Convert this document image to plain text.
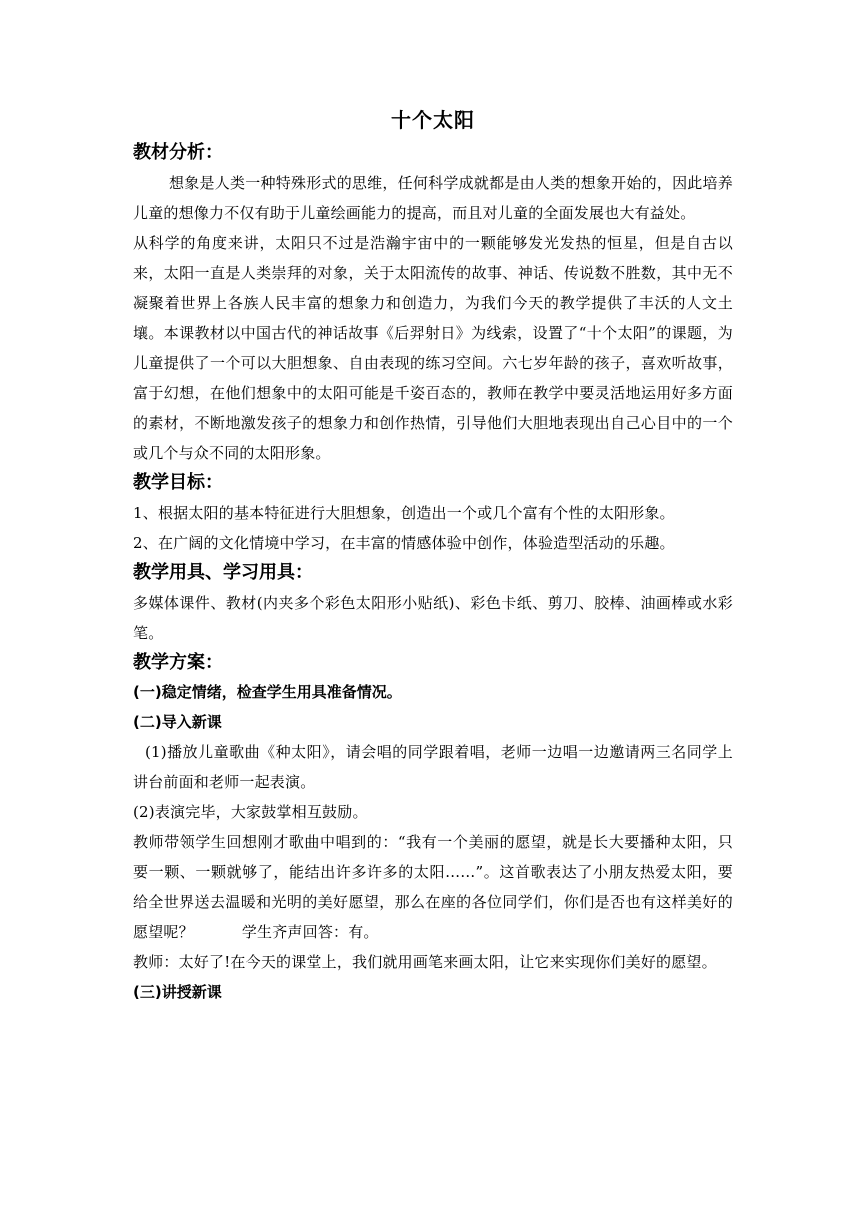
十个太阳
教材分析：

想象是人类一种特殊形式的思维，任何科学成就都是由人类的想象开始的，因此培养儿童的想像力不仅有助于儿童绘画能力的提高，而且对儿童的全面发展也大有益处。

从科学的角度来讲，太阳只不过是浩瀚宇宙中的一颗能够发光发热的恒星，但是自古以来，太阳一直是人类崇拜的对象，关于太阳流传的故事、神话、传说数不胜数，其中无不凝聚着世界上各族人民丰富的想象力和创造力，为我们今天的教学提供了丰沃的人文土壤。本课教材以中国古代的神话故事《后羿射日》为线索，设置了“十个太阳”的课题，为儿童提供了一个可以大胆想象、自由表现的练习空间。六七岁年龄的孩子，喜欢听故事，富于幻想，在他们想象中的太阳可能是千姿百态的，教师在教学中要灵活地运用好多方面的素材，不断地激发孩子的想象力和创作热情，引导他们大胆地表现出自己心目中的一个或几个与众不同的太阳形象。

教学目标：

1、根据太阳的基本特征进行大胆想象，创造出一个或几个富有个性的太阳形象。

2、在广阔的文化情境中学习，在丰富的情感体验中创作，体验造型活动的乐趣。

教学用具、学习用具：

多媒体课件、教材(内夹多个彩色太阳形小贴纸)、彩色卡纸、剪刀、胶棒、油画棒或水彩笔。

教学方案：

(一)稳定情绪，检查学生用具准备情况。

(二)导入新课

(1)播放儿童歌曲《种太阳》，请会唱的同学跟着唱，老师一边唱一边邀请两三名同学上讲台前面和老师一起表演。

(2)表演完毕，大家鼓掌相互鼓励。

教师带领学生回想刚才歌曲中唱到的：“我有一个美丽的愿望，就是长大要播种太阳，只要一颗、一颗就够了，能结出许多许多的太阳……”。这首歌表达了小朋友热爱太阳，要给全世界送去温暖和光明的美好愿望，那么在座的各位同学们，你们是否也有这样美好的愿望呢？	学生齐声回答：有。

教师：太好了!在今天的课堂上，我们就用画笔来画太阳，让它来实现你们美好的愿望。

(三)讲授新课
